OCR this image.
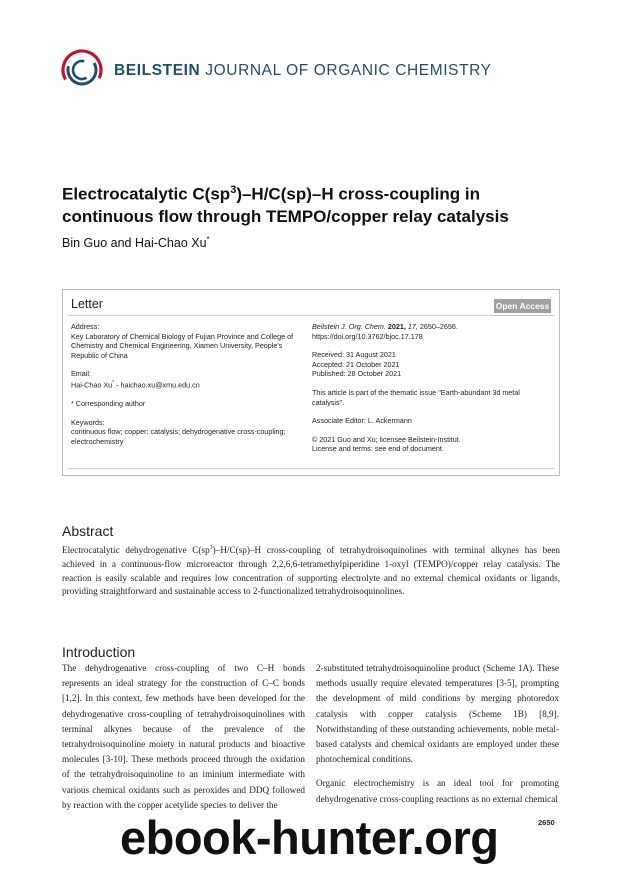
BEILSTEIN JOURNAL OF ORGANIC CHEMISTRY
Electrocatalytic $C(sp^3)-H/C(sp)-H$ cross-coupling in continuous flow through TEMPO/copper relay catalysis
Bin Guo and Hai-Chao Xu*
Letter	Open Access
Address:
Key Laboratory of Chemical Biology of Fujian Province and College of Chemistry and Chemical Engineering, Xiamen University, People's Republic of China
Email:
Hai-Chao Xu* - haichao.xu@xmu.edu.cn
* Corresponding author
Keywords:
continuous flow; copper; catalysis; dehydrogenative cross-coupling; electrochemistry
Beilstein J. Org. Chem. 2021, 17, 2650–2656.
https://doi.org/10.3762/bjoc.17.178
Received: 31 August 2021
Accepted: 21 October 2021
Published: 28 October 2021
This article is part of the thematic issue "Earth-abundant 3d metal catalysis".
Associate Editor: L. Ackermann
© 2021 Guo and Xu; licensee Beilstein-Institut.
License and terms: see end of document.
Abstract
Electrocatalytic dehydrogenative $C(sp^3)-H/C(sp)-H$ cross-coupling of tetrahydroisoquinolines with terminal alkynes has been achieved in a continuous-flow microreactor through 2,2,6,6-tetramethylpiperidine 1-oxyl (TEMPO)/copper relay catalysis. The reaction is easily scalable and requires low concentration of supporting electrolyte and no external chemical oxidants or ligands, providing straightforward and sustainable access to 2-functionalized tetrahydroisoquinolines.
Introduction

The dehydrogenative cross-coupling of two C–H bonds represents an ideal strategy for the construction of C–C bonds [1,2]. In this context, few methods have been developed for the dehydrogenative cross-coupling of tetrahydroisoquinolines with terminal alkynes because of the prevalence of the tetrahydroisoquinoline moiety in natural products and bioactive molecules [3-10]. These methods proceed through the oxidation of the tetrahydroisoquinoline to an iminium intermediate with various chemical oxidants such as peroxides and DDQ followed by reaction with the copper acetylide species to deliver the

2-substituted tetrahydroisoquinoline product (Scheme 1A). These methods usually require elevated temperatures [3-5], prompting the development of mild conditions by merging photoredox catalysis with copper catalysis (Scheme 1B) [8,9]. Notwithstanding of these outstanding achievements, noble metal-based catalysts and chemical oxidants are employed under these photochemical conditions.

Organic electrochemistry is an ideal tool for promoting dehydrogenative cross-coupling reactions as no external chemical

2650
ebook-hunter.org
